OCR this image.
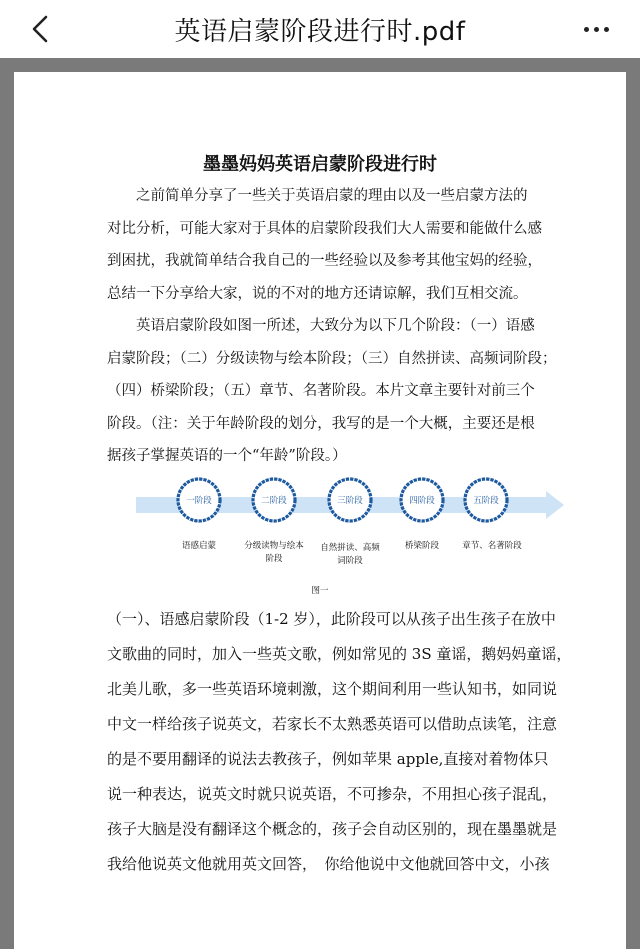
英语启蒙阶段进行时.pdf
墨墨妈妈英语启蒙阶段进行时
　　之前简单分享了一些关于英语启蒙的理由以及一些启蒙方法的
对比分析，可能大家对于具体的启蒙阶段我们大人需要和能做什么感
到困扰，我就简单结合我自己的一些经验以及参考其他宝妈的经验，
总结一下分享给大家，说的不对的地方还请谅解，我们互相交流。
　　英语启蒙阶段如图一所述，大致分为以下几个阶段：（一）语感
启蒙阶段；（二）分级读物与绘本阶段；（三）自然拼读、高频词阶段；
（四）桥梁阶段；（五）章节、名著阶段。本片文章主要针对前三个
阶段。（注：关于年龄阶段的划分，我写的是一个大概，主要还是根
据孩子掌握英语的一个“年龄”阶段。）
一阶段	二阶段	三阶段	四阶段	五阶段
语感启蒙	分级读物与绘本
阶段
自然拼读、高频
词阶段
桥梁阶段	章节、名著阶段
图一
（一）、语感启蒙阶段（1-2 岁），此阶段可以从孩子出生孩子在放中
文歌曲的同时，加入一些英文歌，例如常见的 3S 童谣，鹅妈妈童谣，
北美儿歌，多一些英语环境刺激，这个期间利用一些认知书，如同说
中文一样给孩子说英文，若家长不太熟悉英语可以借助点读笔，注意
的是不要用翻译的说法去教孩子，例如苹果 apple,直接对着物体只
说一种表达，说英文时就只说英语，不可掺杂，不用担心孩子混乱，
孩子大脑是没有翻译这个概念的，孩子会自动区别的，现在墨墨就是
我给他说英文他就用英文回答，　你给他说中文他就回答中文，小孩
